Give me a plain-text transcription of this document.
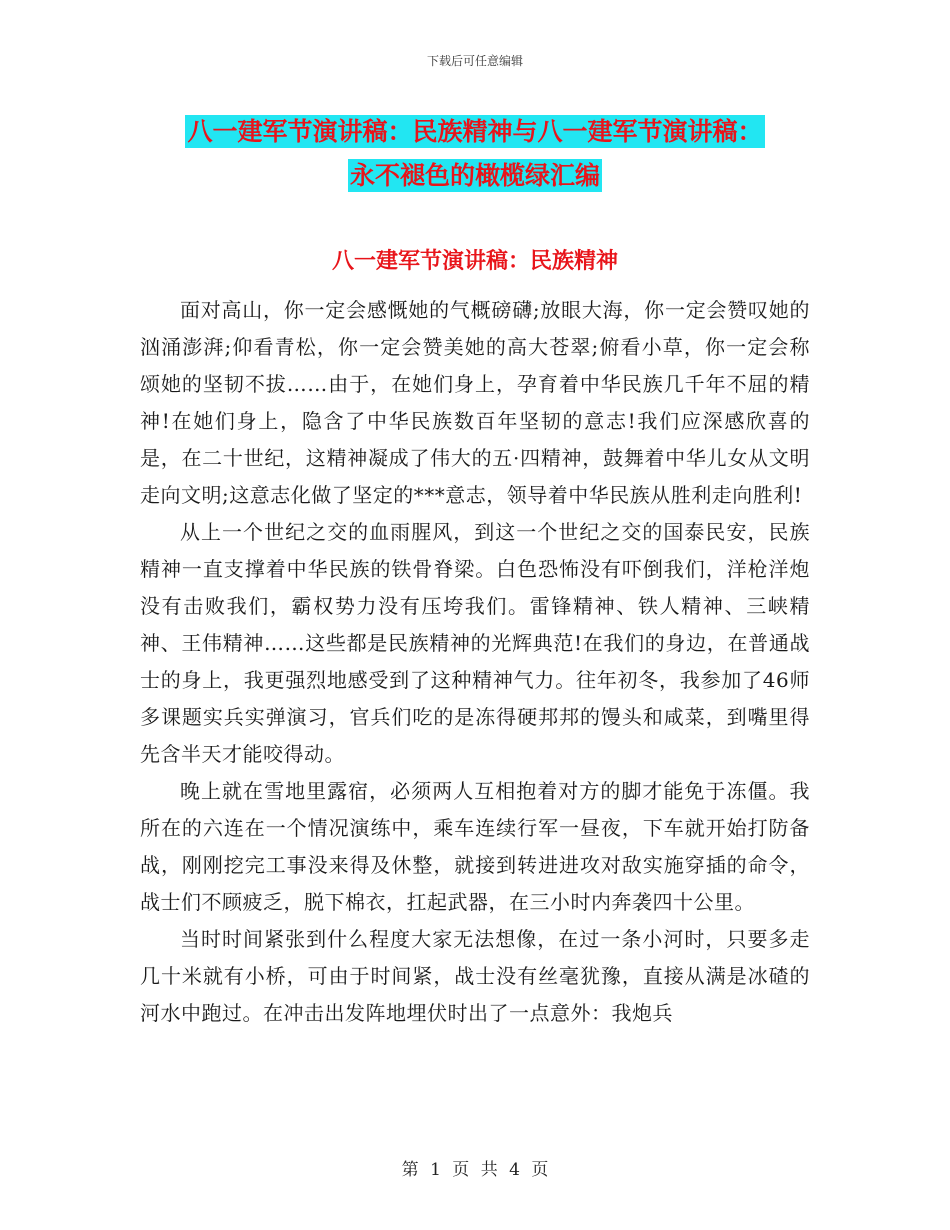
下载后可任意编辑
八一建军节演讲稿：民族精神与八一建军节演讲稿：
永不褪色的橄榄绿汇编
八一建军节演讲稿：民族精神

面对高山，你一定会感慨她的气概磅礴;放眼大海，你一定会赞叹她的汹涌澎湃;仰看青松，你一定会赞美她的高大苍翠;俯看小草，你一定会称颂她的坚韧不拔……由于，在她们身上，孕育着中华民族几千年不屈的精神!在她们身上，隐含了中华民族数百年坚韧的意志!我们应深感欣喜的是，在二十世纪，这精神凝成了伟大的五·四精神，鼓舞着中华儿女从文明走向文明;这意志化做了坚定的***意志，领导着中华民族从胜利走向胜利!

从上一个世纪之交的血雨腥风，到这一个世纪之交的国泰民安，民族精神一直支撑着中华民族的铁骨脊梁。白色恐怖没有吓倒我们，洋枪洋炮没有击败我们，霸权势力没有压垮我们。雷锋精神、铁人精神、三峡精神、王伟精神……这些都是民族精神的光辉典范!在我们的身边，在普通战士的身上，我更强烈地感受到了这种精神气力。往年初冬，我参加了46师多课题实兵实弹演习，官兵们吃的是冻得硬邦邦的馒头和咸菜，到嘴里得先含半天才能咬得动。

晚上就在雪地里露宿，必须两人互相抱着对方的脚才能免于冻僵。我所在的六连在一个情况演练中，乘车连续行军一昼夜，下车就开始打防备战，刚刚挖完工事没来得及休整，就接到转进进攻对敌实施穿插的命令，战士们不顾疲乏，脱下棉衣，扛起武器，在三小时内奔袭四十公里。

当时时间紧张到什么程度大家无法想像，在过一条小河时，只要多走几十米就有小桥，可由于时间紧，战士没有丝毫犹豫，直接从满是冰碴的河水中跑过。在冲击出发阵地埋伏时出了一点意外：我炮兵

第 1 页 共 4 页
